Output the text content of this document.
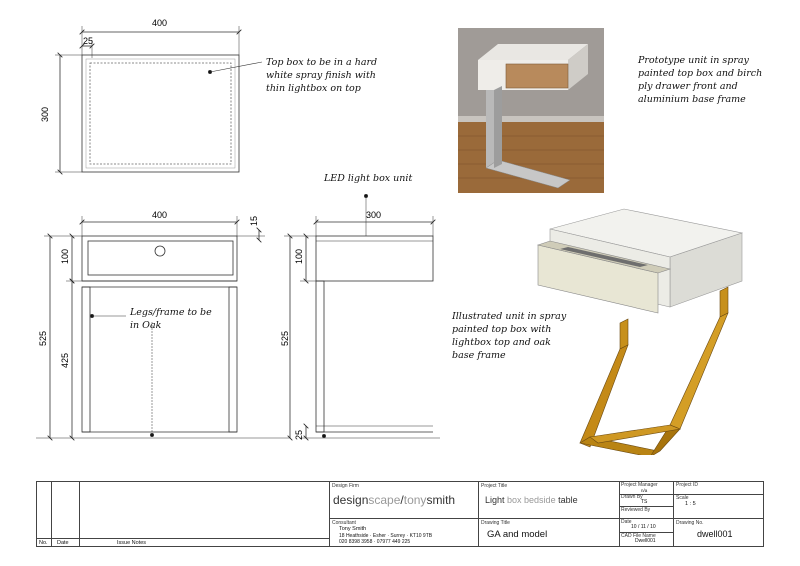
400
25
300
400
100
525
425
15
300
100
525
25
Top box to be in a hard white spray finish with thin lightbox on top
LED light box unit
Legs/frame to be in Oak
Prototype unit in spray painted top box and birch ply drawer front and aluminium base frame
Illustrated unit in spray painted top box with lightbox top and oak base frame
No. Date	Issue Notes
Design Firm
designscape/tonysmith
Consultant
Tony Smith
18 Heathside · Esher · Surrey · KT10 9TB
020 8398 3958 · 07977 449 225
Project Title
Light box bedside table
Drawing Title
GA and model
Project Manager
n/a
Drawn By
TS
Reviewed By
Date
10 / 11 / 10
CAD File Name
Dwell001
Project ID
Scale
1 : 5
Drawing No.
dwell001
